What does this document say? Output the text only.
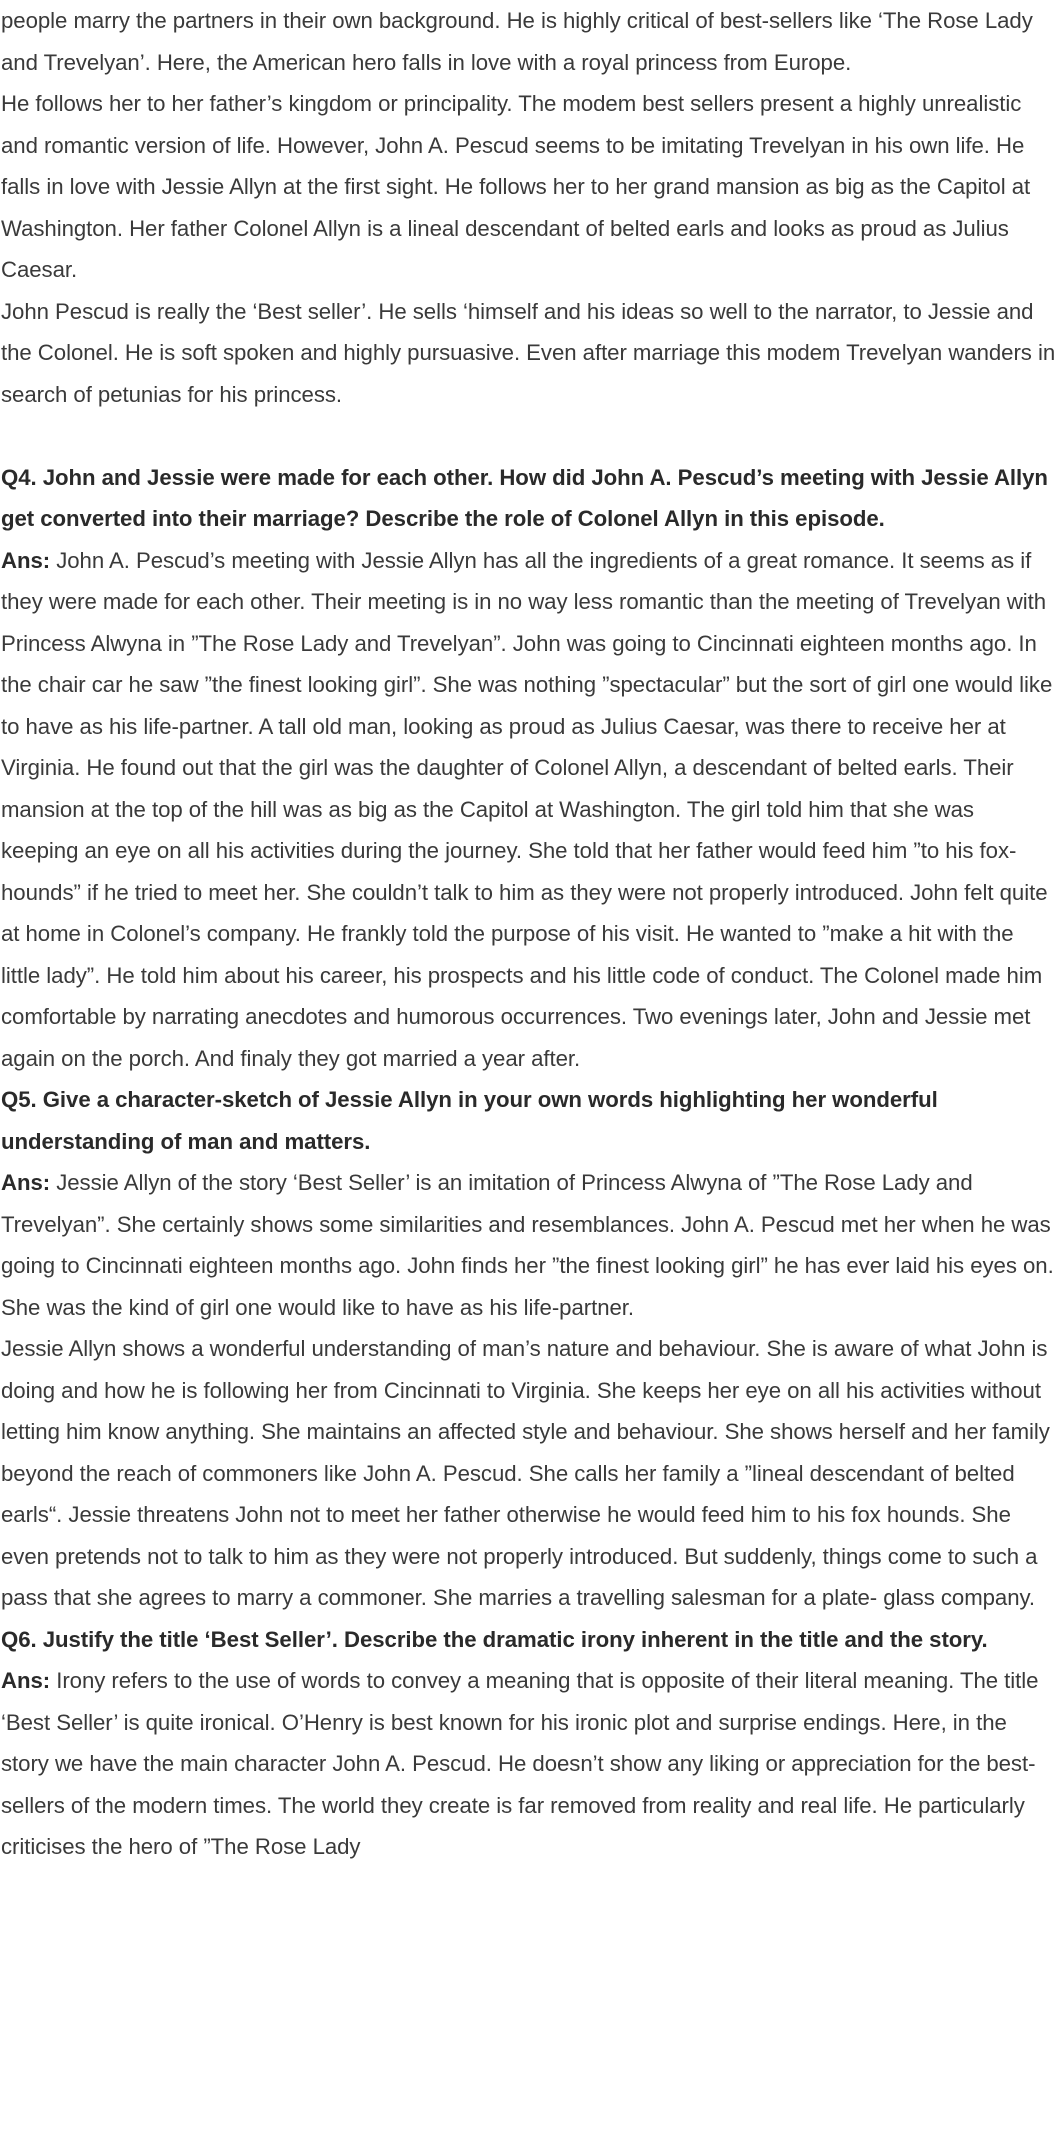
people marry the partners in their own background. He is highly critical of best-sellers like ‘The Rose Lady and Trevelyan’. Here, the American hero falls in love with a royal princess from Europe.

He follows her to her father’s kingdom or principality. The modem best sellers present a highly unrealistic and romantic version of life. However, John A. Pescud seems to be imitating Trevelyan in his own life. He falls in love with Jessie Allyn at the first sight. He follows her to her grand mansion as big as the Capitol at Washington. Her father Colonel Allyn is a lineal descendant of belted earls and looks as proud as Julius Caesar.

John Pescud is really the ‘Best seller’. He sells ‘himself and his ideas so well to the narrator, to Jessie and the Colonel. He is soft spoken and highly pursuasive. Even after marriage this modem Trevelyan wanders in search of petunias for his princess.

Q4. John and Jessie were made for each other. How did John A. Pescud’s meeting with Jessie Allyn get converted into their marriage? Describe the role of Colonel Allyn in this episode.

Ans: John A. Pescud’s meeting with Jessie Allyn has all the ingredients of a great romance. It seems as if they were made for each other. Their meeting is in no way less romantic than the meeting of Trevelyan with Princess Alwyna in ”The Rose Lady and Trevelyan”. John was going to Cincinnati eighteen months ago. In the chair car he saw ”the finest looking girl”. She was nothing ”spectacular” but the sort of girl one would like to have as his life-partner. A tall old man, looking as proud as Julius Caesar, was there to receive her at Virginia. He found out that the girl was the daughter of Colonel Allyn, a descendant of belted earls. Their mansion at the top of the hill was as big as the Capitol at Washington. The girl told him that she was keeping an eye on all his activities during the journey. She told that her father would feed him ”to his fox-hounds” if he tried to meet her. She couldn’t talk to him as they were not properly introduced. John felt quite at home in Colonel’s company. He frankly told the purpose of his visit. He wanted to ”make a hit with the little lady”. He told him about his career, his prospects and his little code of conduct. The Colonel made him comfortable by narrating anecdotes and humorous occurrences. Two evenings later, John and Jessie met again on the porch. And finaly they got married a year after.

Q5. Give a character-sketch of Jessie Allyn in your own words highlighting her wonderful understanding of man and matters.

Ans: Jessie Allyn of the story ‘Best Seller’ is an imitation of Princess Alwyna of ”The Rose Lady and Trevelyan”. She certainly shows some similarities and resemblances. John A. Pescud met her when he was going to Cincinnati eighteen months ago. John finds her ”the finest looking girl” he has ever laid his eyes on. She was the kind of girl one would like to have as his life-partner.

Jessie Allyn shows a wonderful understanding of man’s nature and behaviour. She is aware of what John is doing and how he is following her from Cincinnati to Virginia. She keeps her eye on all his activities without letting him know anything. She maintains an affected style and behaviour. She shows herself and her family beyond the reach of commoners like John A. Pescud. She calls her family a ”lineal descendant of belted earls“. Jessie threatens John not to meet her father otherwise he would feed him to his fox hounds. She even pretends not to talk to him as they were not properly introduced. But suddenly, things come to such a pass that she agrees to marry a commoner. She marries a travelling salesman for a plate- glass company.

Q6. Justify the title ‘Best Seller’. Describe the dramatic irony inherent in the title and the story.

Ans: Irony refers to the use of words to convey a meaning that is opposite of their literal meaning. The title ‘Best Seller’ is quite ironical. O’Henry is best known for his ironic plot and surprise endings. Here, in the story we have the main character John A. Pescud. He doesn’t show any liking or appreciation for the best-sellers of the modern times. The world they create is far removed from reality and real life. He particularly criticises the hero of ”The Rose Lady
